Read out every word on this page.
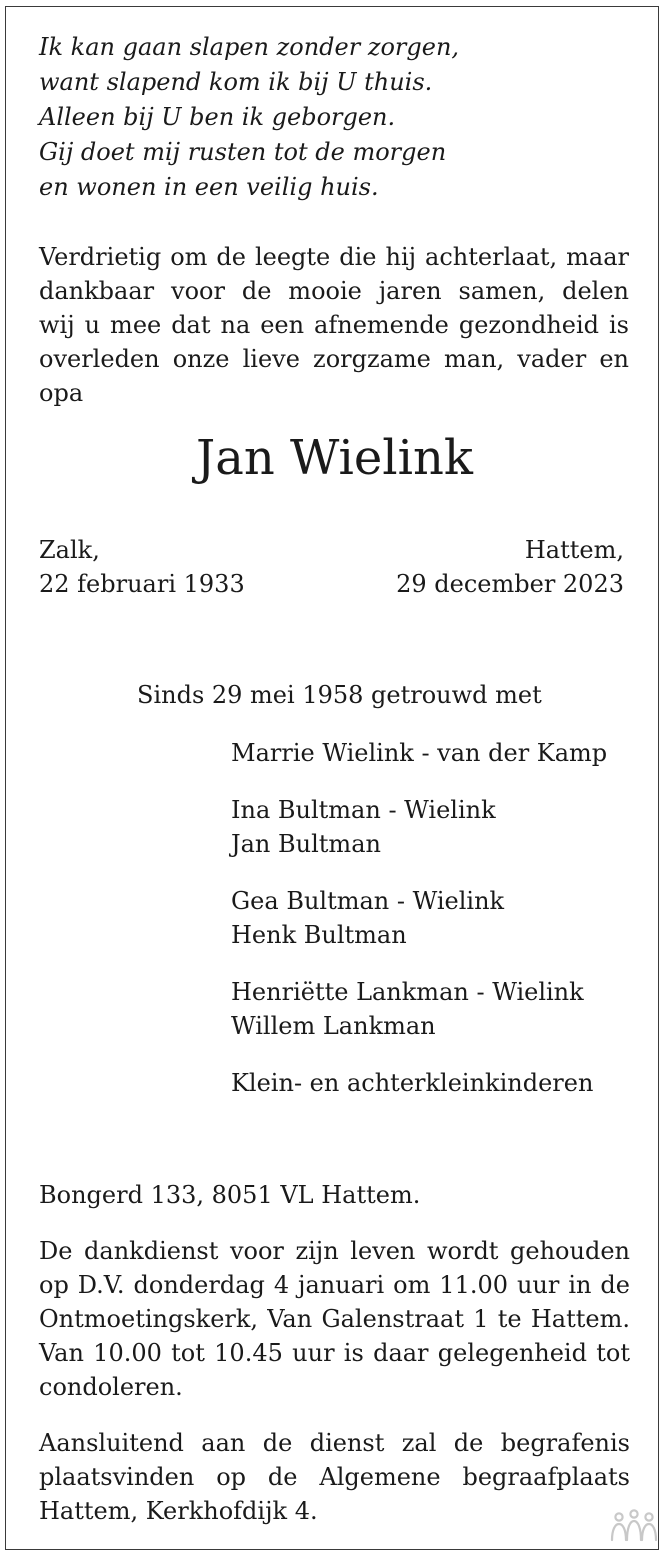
Ik kan gaan slapen zonder zorgen,
want slapend kom ik bij U thuis.
Alleen bij U ben ik geborgen.
Gij doet mij rusten tot de morgen
en wonen in een veilig huis.
Verdrietig om de leegte die hij achterlaat, maar
dankbaar voor de mooie jaren samen, delen
wij u mee dat na een afnemende gezondheid is
overleden onze lieve zorgzame man, vader en opa
Jan Wielink
Zalk,
22 februari 1933
Hattem,
29 december 2023
Sinds 29 mei 1958 getrouwd met
Marrie Wielink - van der Kamp
Ina Bultman - Wielink
Jan Bultman
Gea Bultman - Wielink
Henk Bultman
Henriëtte Lankman - Wielink
Willem Lankman
Klein- en achterkleinkinderen
Bongerd 133, 8051 VL Hattem.
De dankdienst voor zijn leven wordt gehouden
op D.V. donderdag 4 januari om 11.00 uur in de
Ontmoetingskerk, Van Galenstraat 1 te Hattem.
Van 10.00 tot 10.45 uur is daar gelegenheid tot
condoleren.
Aansluitend aan de dienst zal de begrafenis
plaatsvinden op de Algemene begraafplaats
Hattem, Kerkhofdijk 4.
